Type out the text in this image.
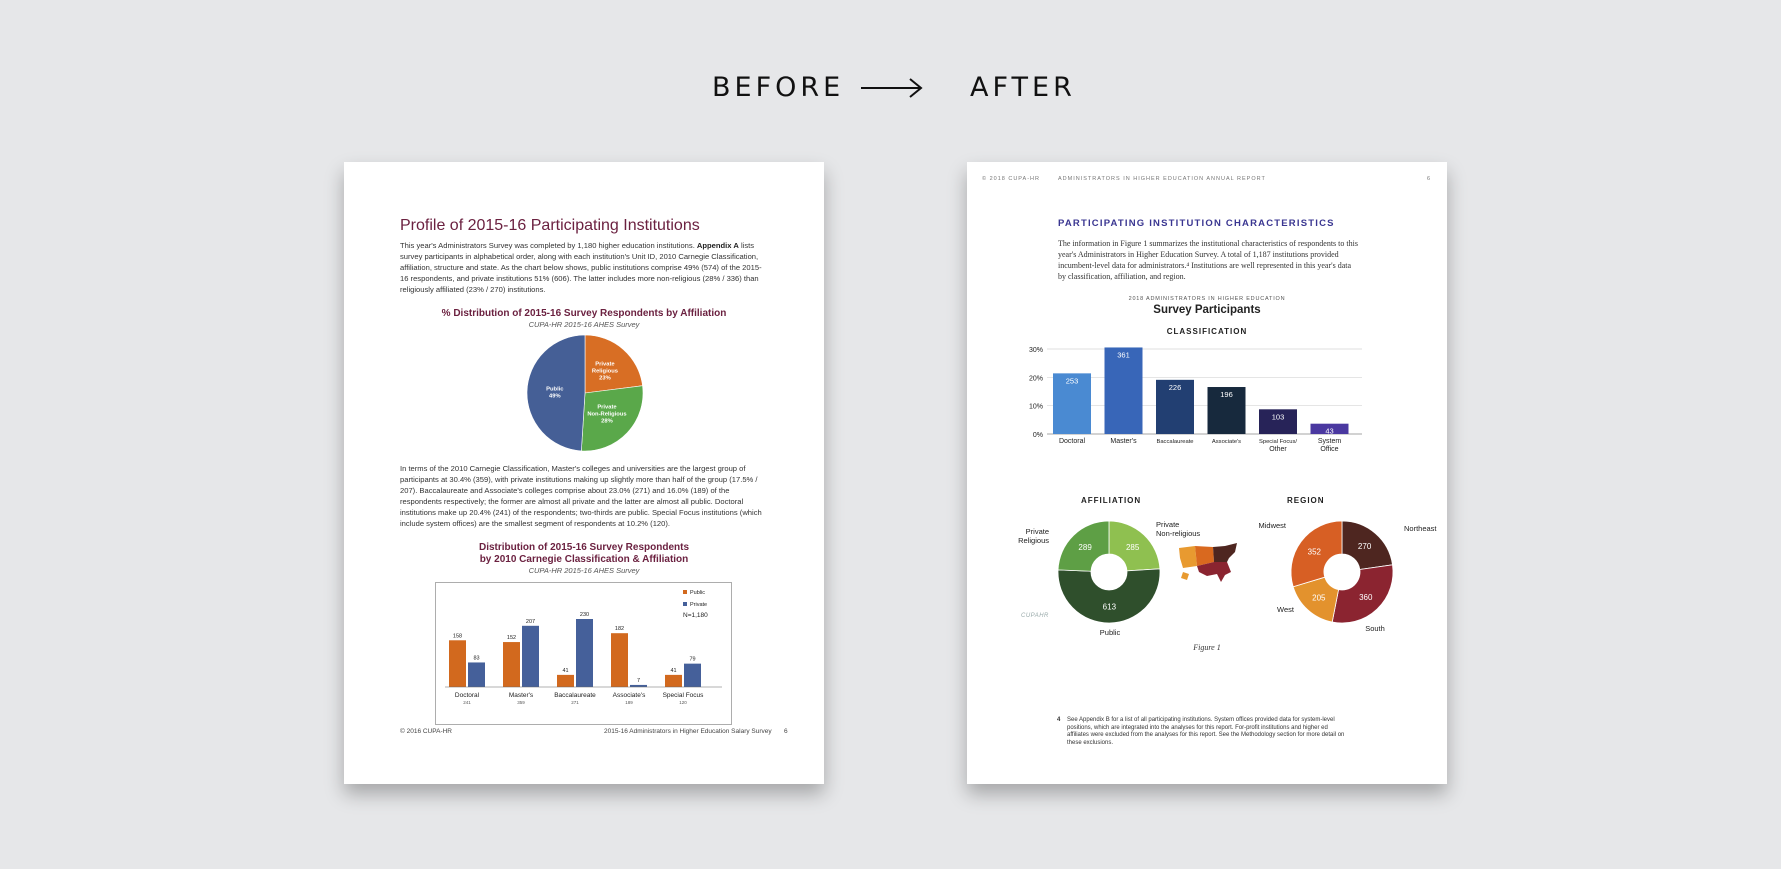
BEFORE	AFTER
Profile of 2015-16 Participating Institutions
This year's Administrators Survey was completed by 1,180 higher education institutions. Appendix A lists survey participants in alphabetical order, along with each institution's Unit ID, 2010 Carnegie Classification, affiliation, structure and state. As the chart below shows, public institutions comprise 49% (574) of the 2015-16 respondents, and private institutions 51% (606). The latter includes more non-religious (28% / 336) than religiously affiliated (23% / 270) institutions.
% Distribution of 2015-16 Survey Respondents by Affiliation
CUPA-HR 2015-16 AHES Survey
Private
Religious
23%
Private
Non-Religious
28%
Public
49%
In terms of the 2010 Carnegie Classification, Master's colleges and universities are the largest group of participants at 30.4% (359), with private institutions making up slightly more than half of the group (17.5% / 207). Baccalaureate and Associate's colleges comprise about 23.0% (271) and 16.0% (189) of the respondents respectively; the former are almost all private and the latter are almost all public. Doctoral institutions make up 20.4% (241) of the respondents; two-thirds are public. Special Focus institutions (which include system offices) are the smallest segment of respondents at 10.2% (120).
Distribution of 2015-16 Survey Respondents
by 2010 Carnegie Classification & Affiliation
CUPA-HR 2015-16 AHES Survey
158
83
Doctoral
241
152
207
Master's
359
41
230
Baccalaureate
271
182
7
Associate's
189
41
79
Special Focus
120
Public
Private
N=1,180
© 2016 CUPA-HR	2015-16 Administrators in Higher Education Salary Survey 6
© 2018 CUPA-HR	ADMINISTRATORS IN HIGHER EDUCATION ANNUAL REPORT	6
PARTICIPATING INSTITUTION CHARACTERISTICS
The information in Figure 1 summarizes the institutional characteristics of respondents to this year's Administrators in Higher Education Survey. A total of 1,187 institutions provided incumbent-level data for administrators.⁴ Institutions are well represented in this year's data by classification, affiliation, and region.
2018 ADMINISTRATORS IN HIGHER EDUCATION
Survey Participants
CLASSIFICATION
0%
10%
20%
30%
253
Doctoral
361
Master's
226
Baccalaureate
196
Associate's
103
Special Focus/
Other
43
System
Office
AFFILIATION	REGION
285
613
289
Private
Non-religious
Public
Private
Religious
270
360
205
352
Northeast
South
West
Midwest
CUPAHR
Figure 1
4	See Appendix B for a list of all participating institutions. System offices provided data for system-level positions, which are integrated into the analyses for this report. For-profit institutions and higher ed affiliates were excluded from the analyses for this report. See the Methodology section for more detail on these exclusions.
